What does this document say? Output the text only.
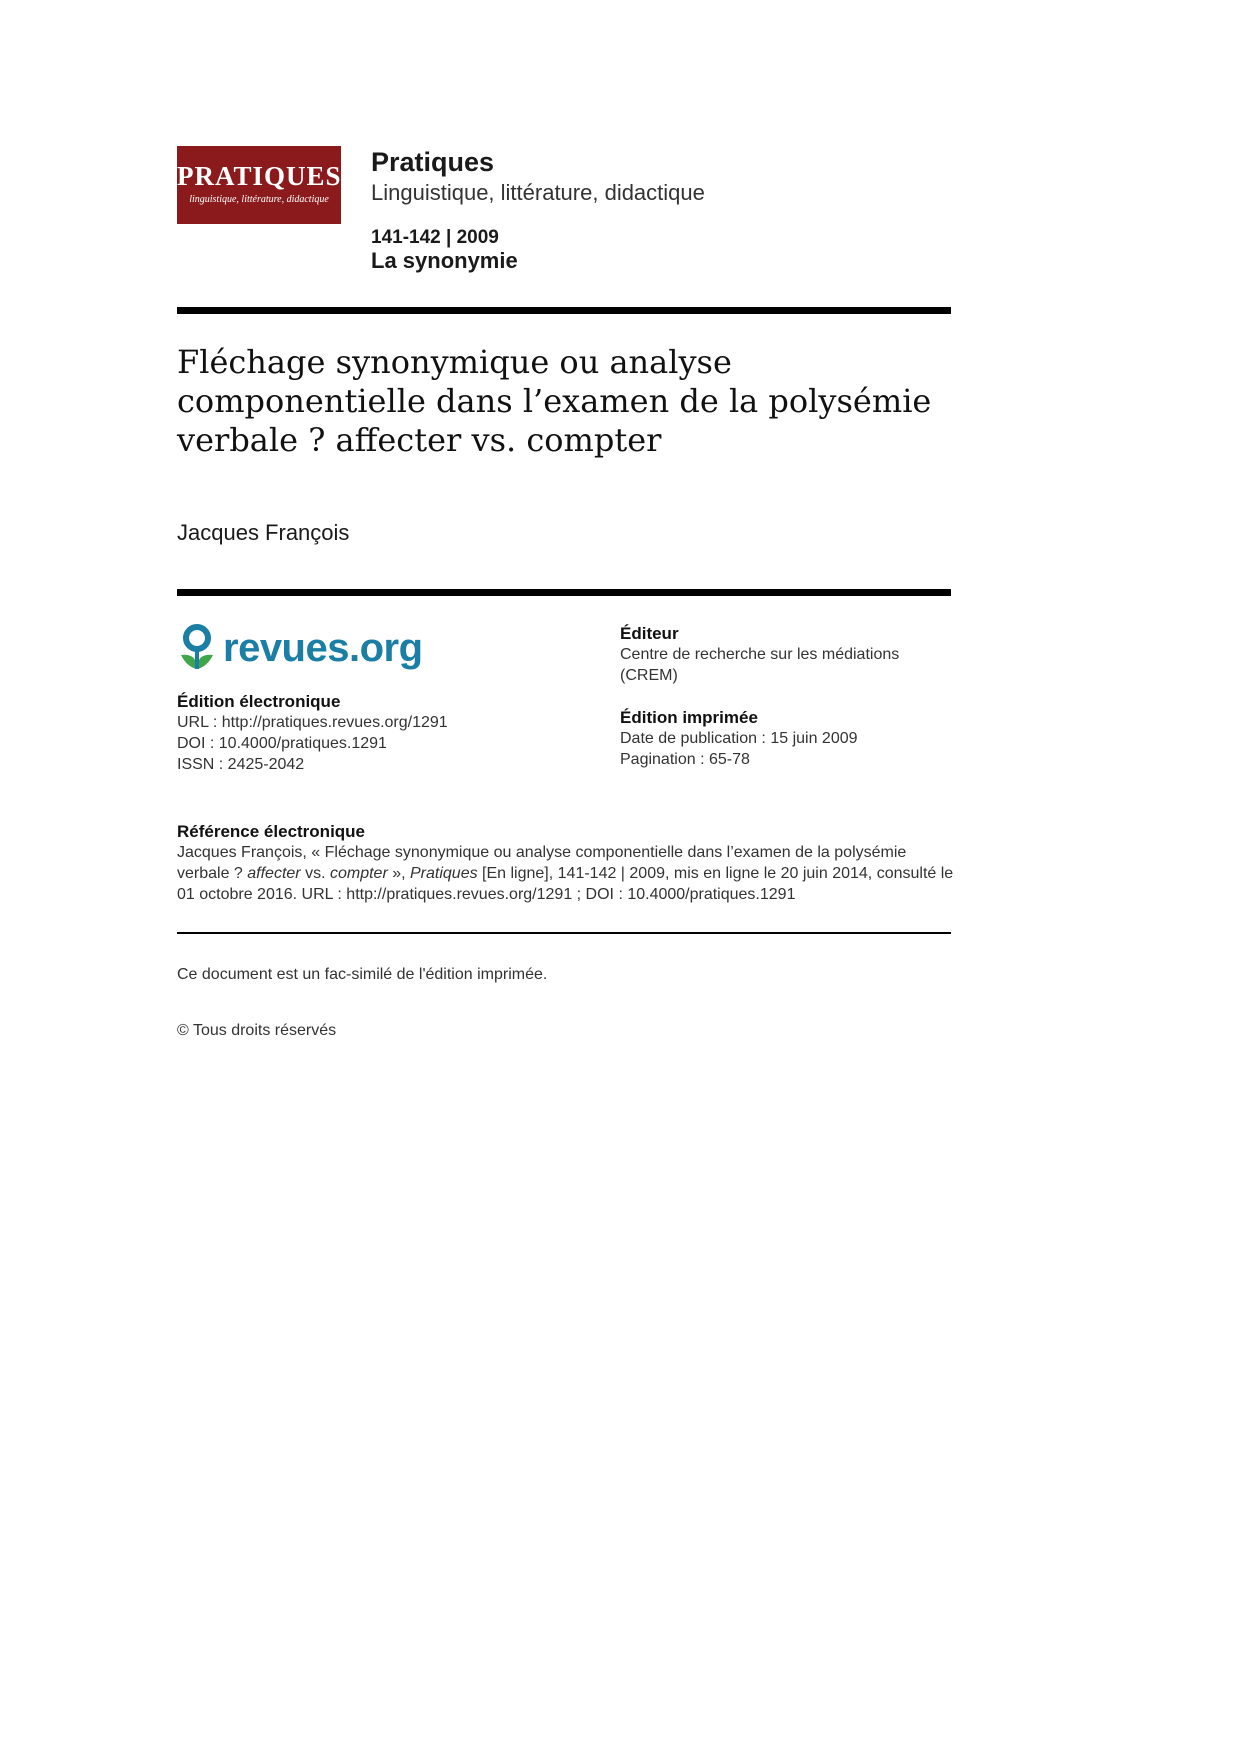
PRATIQUES
linguistique, littérature, didactique
Pratiques
Linguistique, littérature, didactique
141-142 | 2009
La synonymie
Fléchage synonymique ou analyse componentielle dans l’examen de la polysémie verbale ? affecter vs. compter
Jacques François
revues.org
Édition électronique
URL : http://pratiques.revues.org/1291
DOI : 10.4000/pratiques.1291
ISSN : 2425-2042
Éditeur
Centre de recherche sur les médiations
(CREM)
Édition imprimée
Date de publication : 15 juin 2009
Pagination : 65-78
Référence électronique

Jacques François, « Fléchage synonymique ou analyse componentielle dans l’examen de la polysémie verbale ? affecter vs. compter », Pratiques [En ligne], 141-142 | 2009, mis en ligne le 20 juin 2014, consulté le 01 octobre 2016. URL : http://pratiques.revues.org/1291 ; DOI : 10.4000/pratiques.1291

Ce document est un fac-similé de l'édition imprimée.
© Tous droits réservés
